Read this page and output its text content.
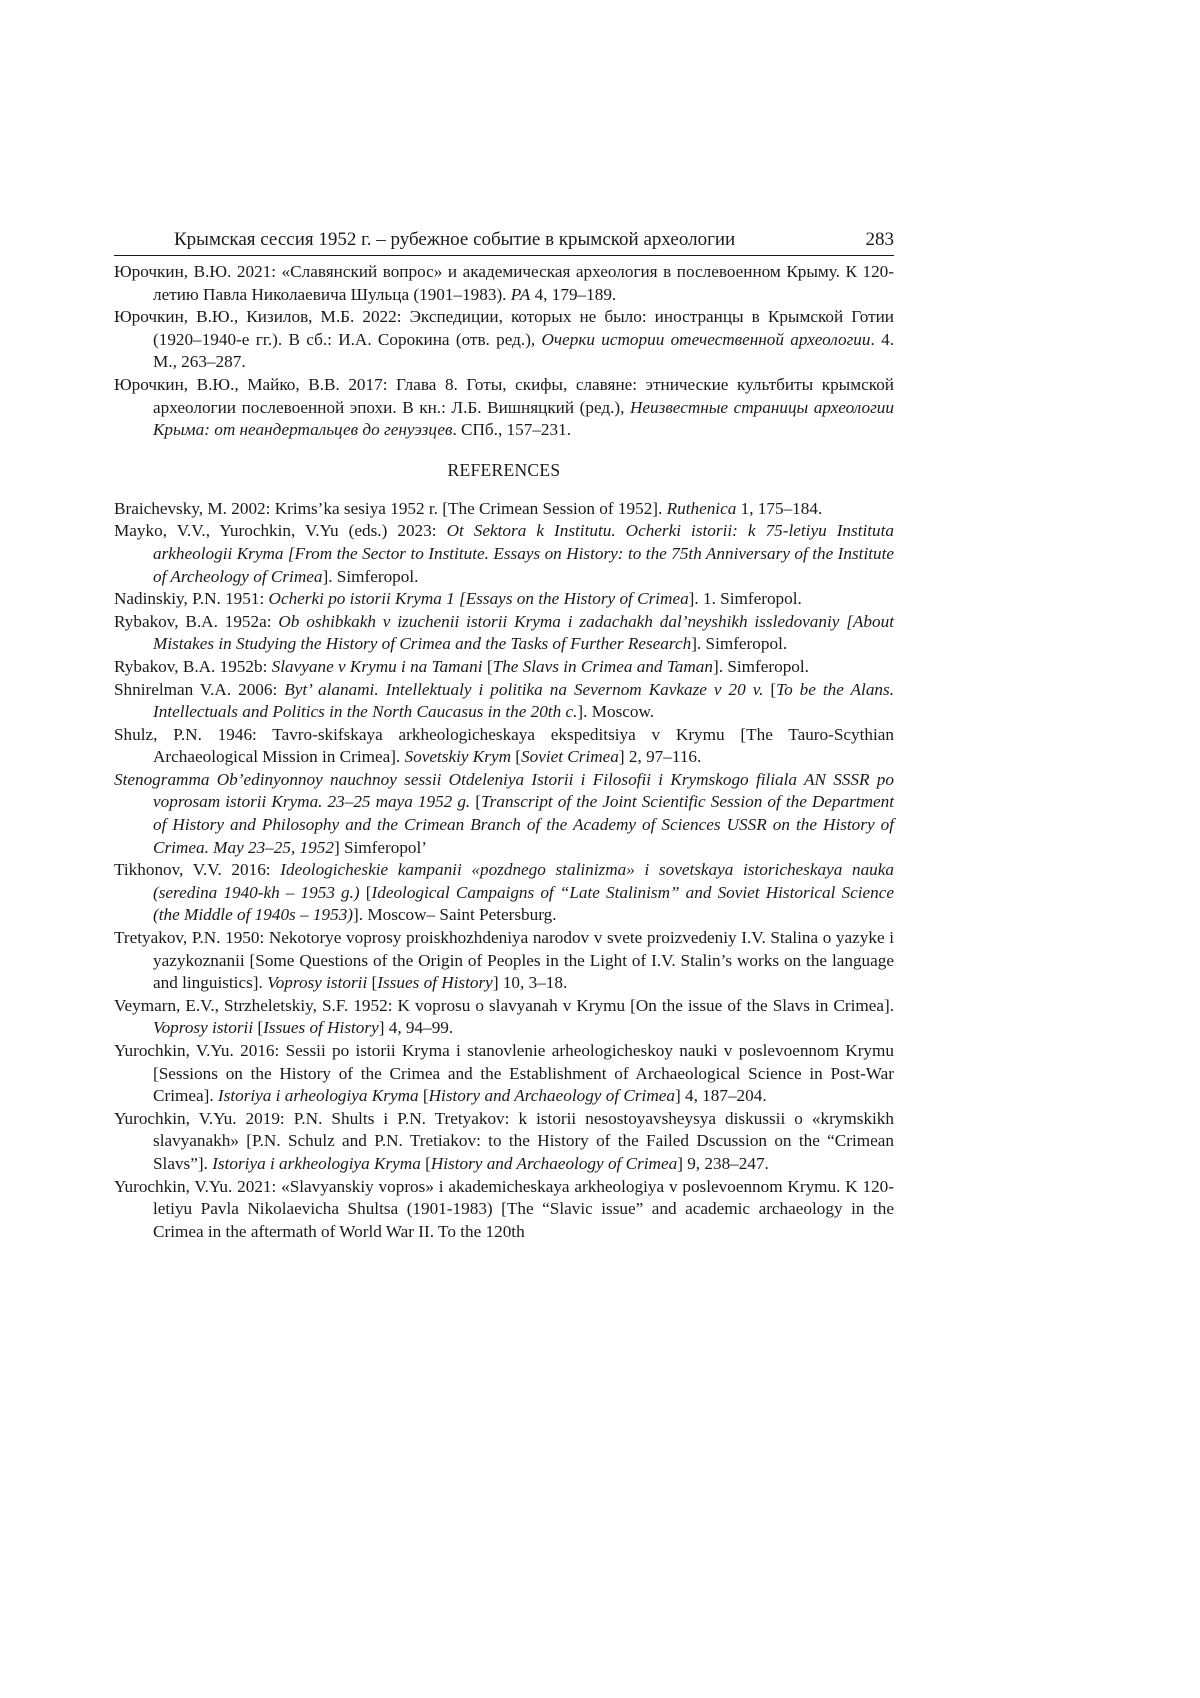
Крымская сессия 1952 г. – рубежное событие в крымской археологии	283

Юрочкин, В.Ю. 2021: «Славянский вопрос» и академическая археология в послевоенном Крыму. К 120-летию Павла Николаевича Шульца (1901–1983). РА 4, 179–189.

Юрочкин, В.Ю., Кизилов, М.Б. 2022: Экспедиции, которых не было: иностранцы в Крымской Готии (1920–1940-е гг.). В сб.: И.А. Сорокина (отв. ред.), Очерки истории отечественной археологии. 4. М., 263–287.

Юрочкин, В.Ю., Майко, В.В. 2017: Глава 8. Готы, скифы, славяне: этнические культбиты крымской археологии послевоенной эпохи. В кн.: Л.Б. Вишняцкий (ред.), Неизвестные страницы археологии Крыма: от неандертальцев до генуэзцев. СПб., 157–231.

REFERENCES

Braichevsky, M. 2002: Krims’ka sesiya 1952 r. [The Crimean Session of 1952]. Ruthenica 1, 175–184.

Mayko, V.V., Yurochkin, V.Yu (eds.) 2023: Ot Sektora k Institutu. Ocherki istorii: k 75-letiyu Instituta arkheologii Kryma [From the Sector to Institute. Essays on History: to the 75th Anniversary of the Institute of Archeology of Crimea]. Simferopol.

Nadinskiy, P.N. 1951: Ocherki po istorii Kryma 1 [Essays on the History of Crimea]. 1. Simferopol.

Rybakov, B.A. 1952a: Ob oshibkakh v izuchenii istorii Kryma i zadachakh dal’neyshikh issledovaniy [About Mistakes in Studying the History of Crimea and the Tasks of Further Research]. Simferopol.

Rybakov, B.A. 1952b: Slavyane v Krymu i na Tamani [The Slavs in Crimea and Taman]. Simferopol.

Shnirelman V.A. 2006: Byt’ alanami. Intellektualy i politika na Severnom Kavkaze v 20 v. [To be the Alans. Intellectuals and Politics in the North Caucasus in the 20th c.]. Moscow.

Shulz, P.N. 1946: Tavro-skifskaya arkheologicheskaya ekspeditsiya v Krymu [The Tauro-Scythian Archaeological Mission in Crimea]. Sovetskiy Krym [Soviet Crimea] 2, 97–116.

Stenogramma Ob’edinyonnoy nauchnoy sessii Otdeleniya Istorii i Filosofii i Krymskogo filiala AN SSSR po voprosam istorii Kryma. 23–25 maya 1952 g. [Transcript of the Joint Scientific Session of the Department of History and Philosophy and the Crimean Branch of the Academy of Sciences USSR on the History of Crimea. May 23–25, 1952] Simferopol’

Tikhonov, V.V. 2016: Ideologicheskie kampanii «pozdnego stalinizma» i sovetskaya istoricheskaya nauka (seredina 1940-kh – 1953 g.) [Ideological Campaigns of “Late Stalinism” and Soviet Historical Science (the Middle of 1940s – 1953)]. Moscow– Saint Petersburg.

Tretyakov, P.N. 1950: Nekotorye voprosy proiskhozhdeniya narodov v svete proizvedeniy I.V. Stalina o yazyke i yazykoznanii [Some Questions of the Origin of Peoples in the Light of I.V. Stalin’s works on the language and linguistics]. Voprosy istorii [Issues of History] 10, 3–18.

Veymarn, E.V., Strzheletskiy, S.F. 1952: K voprosu o slavyanah v Krymu [On the issue of the Slavs in Crimea]. Voprosy istorii [Issues of History] 4, 94–99.

Yurochkin, V.Yu. 2016: Sessii po istorii Kryma i stanovlenie arheologicheskoy nauki v poslevoennom Krymu [Sessions on the History of the Crimea and the Establishment of Archaeological Science in Post-War Crimea]. Istoriya i arheologiya Kryma [History and Archaeology of Crimea] 4, 187–204.

Yurochkin, V.Yu. 2019: P.N. Shults i P.N. Tretyakov: k istorii nesostoyavsheysya diskussii o «krymskikh slavyanakh» [P.N. Schulz and P.N. Tretiakov: to the History of the Failed Dscussion on the “Crimean Slavs”]. Istoriya i arkheologiya Kryma [History and Archaeology of Crimea] 9, 238–247.

Yurochkin, V.Yu. 2021: «Slavyanskiy vopros» i akademicheskaya arkheologiya v poslevoennom Krymu. K 120-letiyu Pavla Nikolaevicha Shultsa (1901-1983) [The “Slavic issue” and academic archaeology in the Crimea in the aftermath of World War II. To the 120th
